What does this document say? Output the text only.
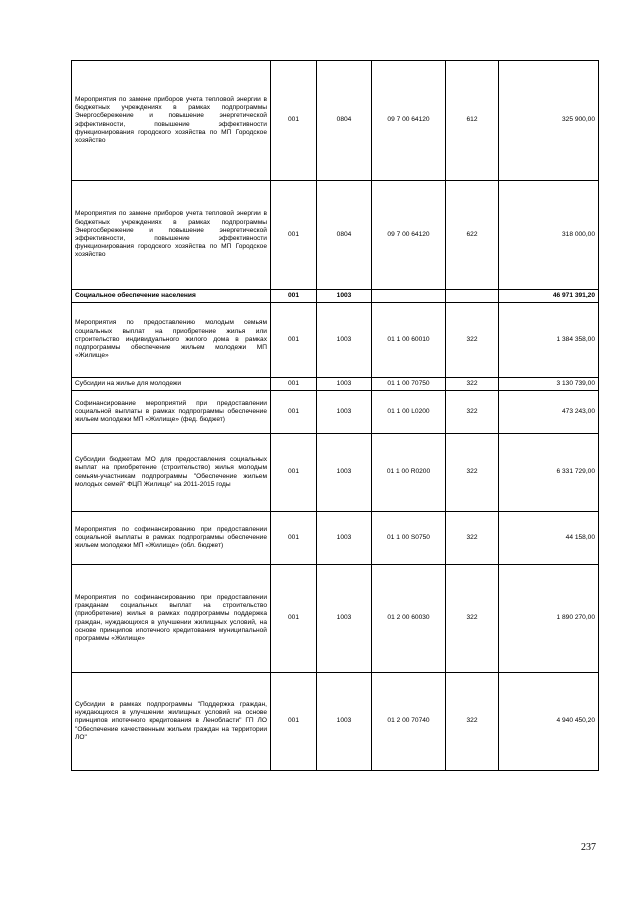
Мероприятия по замене приборов учета тепловой энергии в бюджетных учреждениях в рамках подпрограммы Энергосбережение и повышение энергетической эффективности, повышение эффективности функционирования городского хозяйства по МП Городское хозяйство	001	0804	09 7 00 64120	612	325 900,00
Мероприятия по замене приборов учета тепловой энергии в бюджетных учреждениях в рамках подпрограммы Энергосбережение и повышение энергетической эффективности, повышение эффективности функционирования городского хозяйства по МП Городское хозяйство	001	0804	09 7 00 64120	622	318 000,00
Социальное обеспечение населения	001	1003			46 971 391,20
Мероприятия по предоставлению молодым семьям социальных выплат на приобретение жилья или строительство индивидуального жилого дома в рамках подпрограммы обеспечение жильем молодежи МП «Жилище»	001	1003	01 1 00 60010	322	1 384 358,00
Субсидии на жилье для молодежи	001	1003	01 1 00 70750	322	3 130 739,00
Софинансирование мероприятий при предоставлении социальной выплаты в рамках подпрограммы обеспечение жильем молодежи МП «Жилище» (фед. бюджет)	001	1003	01 1 00 L0200	322	473 243,00
Субсидии бюджетам МО для предоставления социальных выплат на приобретение (строительство) жилья молодым семьям-участникам подпрограммы "Обеспечение жильем молодых семей" ФЦП Жилище" на 2011-2015 годы	001	1003	01 1 00 R0200	322	6 331 729,00
Мероприятия по софинансированию при предоставлении социальной выплаты в рамках подпрограммы обеспечение жильем молодежи МП «Жилище» (обл. бюджет)	001	1003	01 1 00 S0750	322	44 158,00
Мероприятия по софинансированию при предоставлении гражданам социальных выплат на строительство (приобретение) жилья в рамках подпрограммы поддержка граждан, нуждающихся в улучшении жилищных условий, на основе принципов ипотечного кредитования муниципальной программы «Жилище»	001	1003	01 2 00 60030	322	1 890 270,00
Субсидии в рамках подпрограммы "Поддержка граждан, нуждающихся в улучшении жилищных условий на основе принципов ипотечного кредитования в Ленобласти" ГП ЛО "Обеспечение качественным жильем граждан на территории ЛО"	001	1003	01 2 00 70740	322	4 940 450,20
237
